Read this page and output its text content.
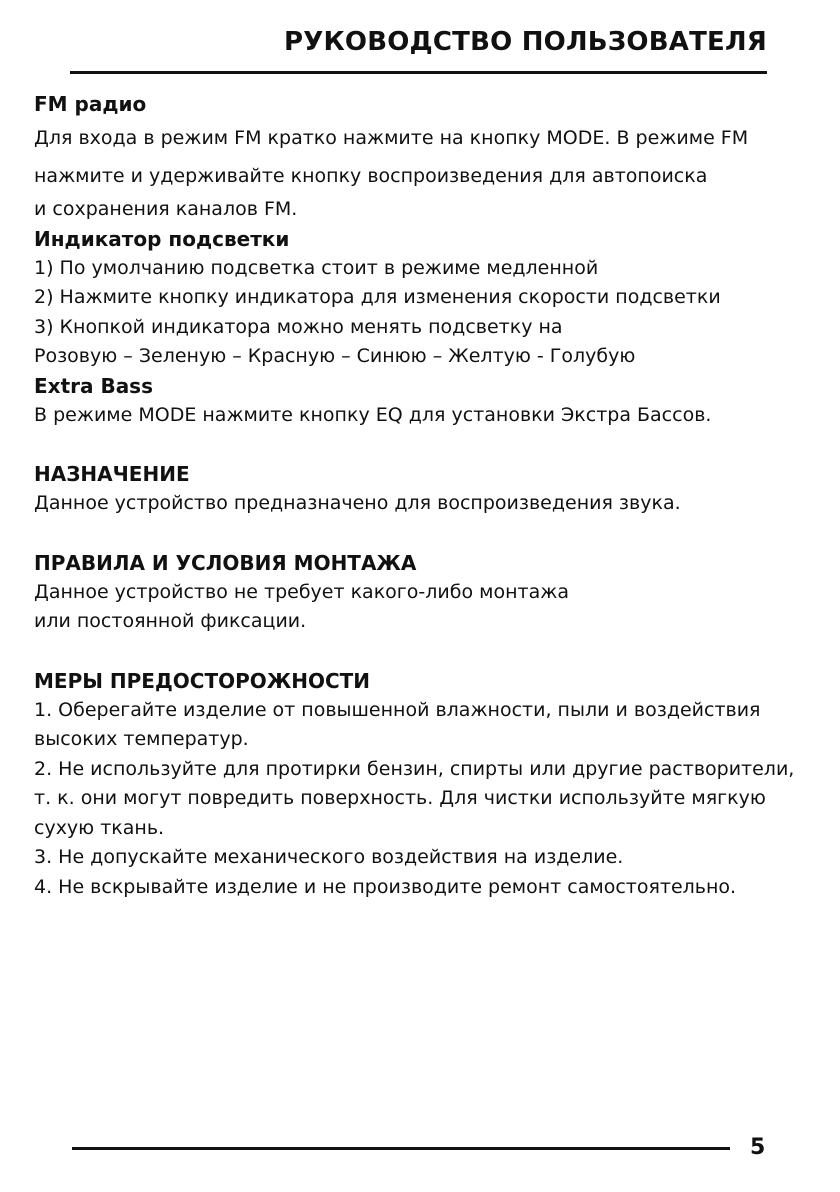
РУКОВОДСТВО ПОЛЬЗОВАТЕЛЯ
FM радио
Для входа в режим FM кратко нажмите на кнопку MODE. В режиме FM
нажмите и удерживайте кнопку воспроизведения для автопоиска
и сохранения каналов FM.
Индикатор подсветки
1) По умолчанию подсветка стоит в режиме медленной
2) Нажмите кнопку индикатора для изменения скорости подсветки
3) Кнопкой индикатора можно менять подсветку на
Розовую – Зеленую – Красную – Синюю – Желтую - Голубую
Extra Bass
В режиме MODE нажмите кнопку EQ для установки Экстра Бассов.
НАЗНАЧЕНИЕ
Данное устройство предназначено для воспроизведения звука.
ПРАВИЛА И УСЛОВИЯ МОНТАЖА
Данное устройство не требует какого-либо монтажа
или постоянной фиксации.
МЕРЫ ПРЕДОСТОРОЖНОСТИ
1. Оберегайте изделие от повышенной влажности, пыли и воздействия
высоких температур.
2. Не используйте для протирки бензин, спирты или другие растворители,
т. к. они могут повредить поверхность. Для чистки используйте мягкую
сухую ткань.
3. Не допускайте механического воздействия на изделие.
4. Не вскрывайте изделие и не производите ремонт самостоятельно.
5
